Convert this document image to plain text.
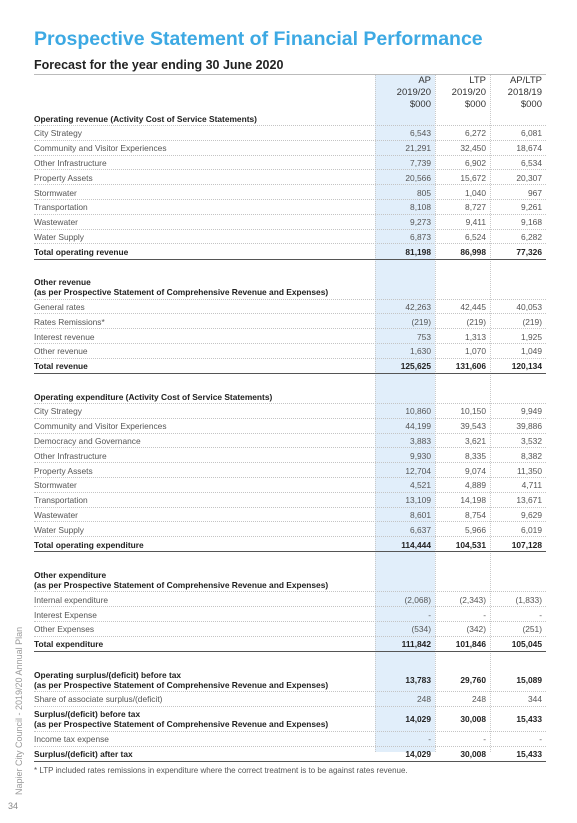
Prospective Statement of Financial Performance
Forecast for the year ending 30 June 2020
AP
2019/20
$000
LTP
2019/20
$000
AP/LTP
2018/19
$000
Operating revenue (Activity Cost of Service Statements)
City Strategy	6,543	6,272	6,081
Community and Visitor Experiences	21,291	32,450	18,674
Other Infrastructure	7,739	6,902	6,534
Property Assets	20,566	15,672	20,307
Stormwater	805	1,040	967
Transportation	8,108	8,727	9,261
Wastewater	9,273	9,411	9,168
Water Supply	6,873	6,524	6,282
Total operating revenue	81,198	86,998	77,326
Other revenue
(as per Prospective Statement of Comprehensive Revenue and Expenses)
General rates	42,263	42,445	40,053
Rates Remissions*	(219)	(219)	(219)
Interest revenue	753	1,313	1,925
Other revenue	1,630	1,070	1,049
Total revenue	125,625	131,606	120,134
Operating expenditure (Activity Cost of Service Statements)
City Strategy	10,860	10,150	9,949
Community and Visitor Experiences	44,199	39,543	39,886
Democracy and Governance	3,883	3,621	3,532
Other Infrastructure	9,930	8,335	8,382
Property Assets	12,704	9,074	11,350
Stormwater	4,521	4,889	4,711
Transportation	13,109	14,198	13,671
Wastewater	8,601	8,754	9,629
Water Supply	6,637	5,966	6,019
Total operating expenditure	114,444	104,531	107,128
Other expenditure
(as per Prospective Statement of Comprehensive Revenue and Expenses)
Internal expenditure	(2,068)	(2,343)	(1,833)
Interest Expense	-	-	-
Other Expenses	(534)	(342)	(251)
Total expenditure	111,842	101,846	105,045
Operating surplus/(deficit) before tax
(as per Prospective Statement of Comprehensive Revenue and Expenses)	13,783	29,760	15,089
Share of associate surplus/(deficit)	248	248	344
Surplus/(deficit) before tax
(as per Prospective Statement of Comprehensive Revenue and Expenses)	14,029	30,008	15,433
Income tax expense	-	-	-
Surplus/(deficit) after tax	14,029	30,008	15,433
* LTP included rates remissions in expenditure where the correct treatment is to be against rates revenue.
Napier City Council - 2019/20 Annual Plan
34
